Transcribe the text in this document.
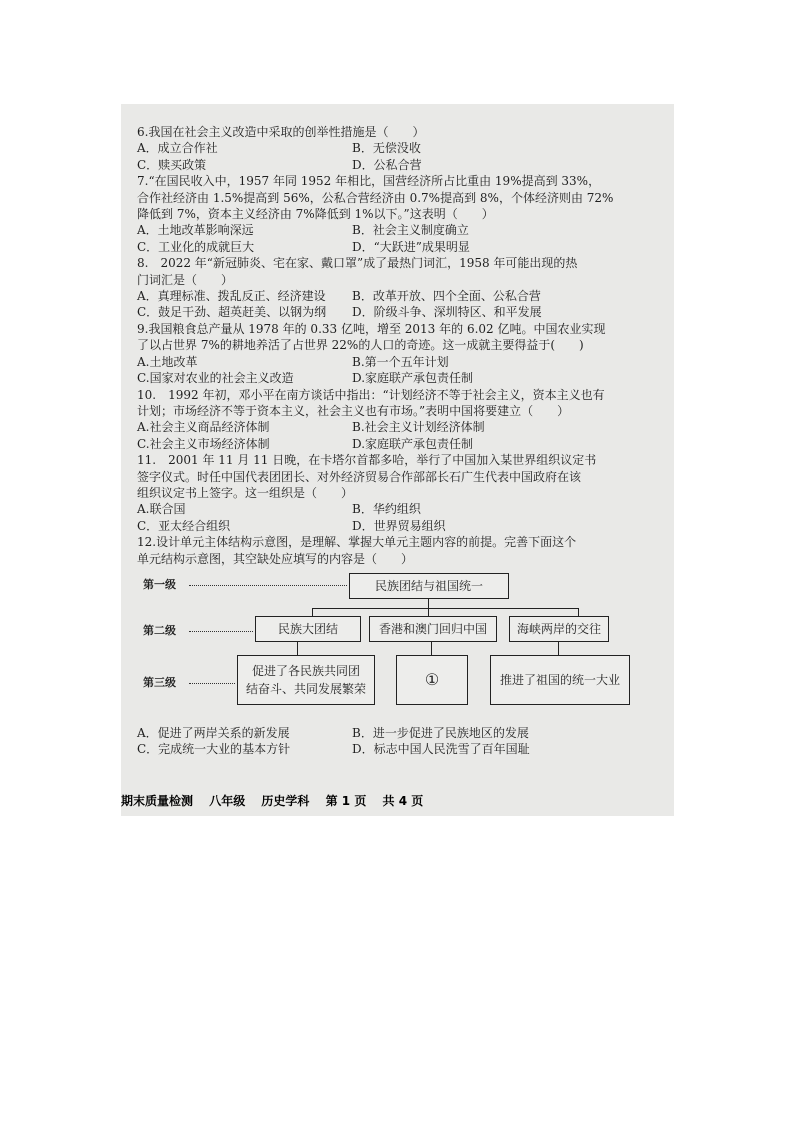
6.我国在社会主义改造中采取的创举性措施是（　　）
A．成立合作社	B．无偿没收
C．赎买政策	D．公私合营
7.“在国民收入中，1957 年同 1952 年相比，国营经济所占比重由 19%提高到 33%，
合作社经济由 1.5%提高到 56%，公私合营经济由 0.7%提高到 8%，个体经济则由 72%
降低到 7%，资本主义经济由 7%降低到 1%以下。”这表明（　　）
A．土地改革影响深远	B．社会主义制度确立
C．工业化的成就巨大	D．“大跃进”成果明显
8.　2022 年“新冠肺炎、宅在家、戴口罩”成了最热门词汇，1958 年可能出现的热
门词汇是（　　）
A．真理标准、拨乱反正、经济建设	B．改革开放、四个全面、公私合营
C．鼓足干劲、超英赶美、以钢为纲	D．阶级斗争、深圳特区、和平发展
9.我国粮食总产量从 1978 年的 0.33 亿吨，增至 2013 年的 6.02 亿吨。中国农业实现
了以占世界 7%的耕地养活了占世界 22%的人口的奇迹。这一成就主要得益于(　　)
A.土地改革	B.第一个五年计划
C.国家对农业的社会主义改造	D.家庭联产承包责任制
10.　1992 年初，邓小平在南方谈话中指出：“计划经济不等于社会主义，资本主义也有
计划；市场经济不等于资本主义，社会主义也有市场。”表明中国将要建立（　　）
A.社会主义商品经济体制	B.社会主义计划经济体制
C.社会主义市场经济体制	D.家庭联产承包责任制
11.　2001 年 11 月 11 日晚，在卡塔尔首都多哈，举行了中国加入某世界组织议定书
签字仪式。时任中国代表团团长、对外经济贸易合作部部长石广生代表中国政府在该
组织议定书上签字。这一组织是（　　）
A.联合国	B．华约组织
C．亚太经合组织	D．世界贸易组织
12.设计单元主体结构示意图，是理解、掌握大单元主题内容的前提。完善下面这个
单元结构示意图，其空缺处应填写的内容是（　　）
第一级	民族团结与祖国统一
第二级	民族大团结	香港和澳门回归中国	海峡两岸的交往
第三级
促进了各民族共同团
结奋斗、共同发展繁荣	①	推进了祖国的统一大业
A．促进了两岸关系的新发展	B．进一步促进了民族地区的发展
C．完成统一大业的基本方针	D．标志中国人民洗雪了百年国耻
期末质量检测 八年级 历史学科 第 1 页 共 4 页
